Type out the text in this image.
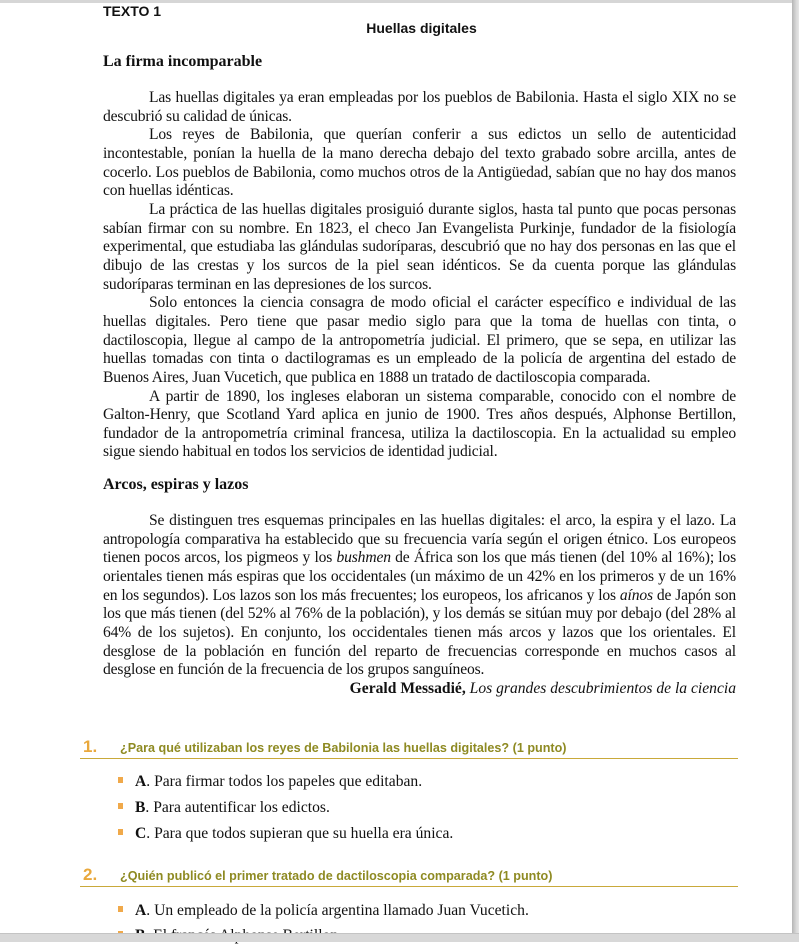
TEXTO 1
Huellas digitales
La firma incomparable

Las huellas digitales ya eran empleadas por los pueblos de Babilonia. Hasta el siglo XIX no se descubrió su calidad de únicas.

Los reyes de Babilonia, que querían conferir a sus edictos un sello de autenticidad incontestable, ponían la huella de la mano derecha debajo del texto grabado sobre arcilla, antes de cocerlo. Los pueblos de Babilonia, como muchos otros de la Antigüedad, sabían que no hay dos manos con huellas idénticas.

La práctica de las huellas digitales prosiguió durante siglos, hasta tal punto que pocas personas sabían firmar con su nombre. En 1823, el checo Jan Evangelista Purkinje, fundador de la fisiología experimental, que estudiaba las glándulas sudoríparas, descubrió que no hay dos personas en las que el dibujo de las crestas y los surcos de la piel sean idénticos. Se da cuenta porque las glándulas sudoríparas terminan en las depresiones de los surcos.

Solo entonces la ciencia consagra de modo oficial el carácter específico e individual de las huellas digitales. Pero tiene que pasar medio siglo para que la toma de huellas con tinta, o dactiloscopia, llegue al campo de la antropometría judicial. El primero, que se sepa, en utilizar las huellas tomadas con tinta o dactilogramas es un empleado de la policía de argentina del estado de Buenos Aires, Juan Vucetich, que publica en 1888 un tratado de dactiloscopia comparada.

A partir de 1890, los ingleses elaboran un sistema comparable, conocido con el nombre de Galton-Henry, que Scotland Yard aplica en junio de 1900. Tres años después, Alphonse Bertillon, fundador de la antropometría criminal francesa, utiliza la dactiloscopia. En la actualidad su empleo sigue siendo habitual en todos los servicios de identidad judicial.

Arcos, espiras y lazos

Se distinguen tres esquemas principales en las huellas digitales: el arco, la espira y el lazo. La antropología comparativa ha establecido que su frecuencia varía según el origen étnico. Los europeos tienen pocos arcos, los pigmeos y los bushmen de África son los que más tienen (del 10% al 16%); los orientales tienen más espiras que los occidentales (un máximo de un 42% en los primeros y de un 16% en los segundos). Los lazos son los más frecuentes; los europeos, los africanos y los aínos de Japón son los que más tienen (del 52% al 76% de la población), y los demás se sitúan muy por debajo (del 28% al 64% de los sujetos). En conjunto, los occidentales tienen más arcos y lazos que los orientales. El desglose de la población en función del reparto de frecuencias corresponde en muchos casos al desglose en función de la frecuencia de los grupos sanguíneos.

Gerald Messadié, Los grandes descubrimientos de la ciencia

1. ¿Para qué utilizaban los reyes de Babilonia las huellas digitales? (1 punto)
A. Para firmar todos los papeles que editaban.
B. Para autentificar los edictos.
C. Para que todos supieran que su huella era única.
2. ¿Quién publicó el primer tratado de dactiloscopia comparada? (1 punto)
A. Un empleado de la policía argentina llamado Juan Vucetich.
